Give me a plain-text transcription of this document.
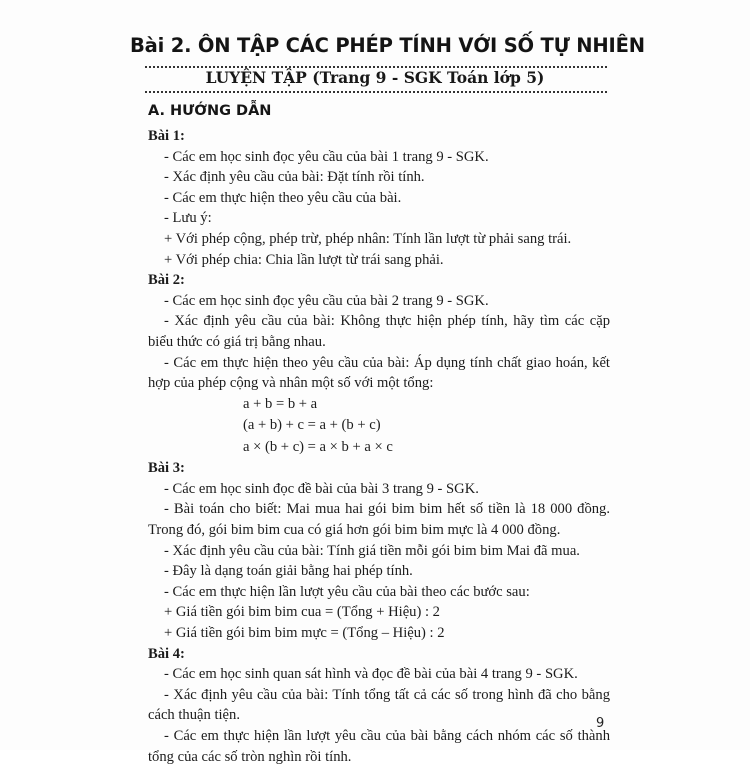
Bài 2. ÔN TẬP CÁC PHÉP TÍNH VỚI SỐ TỰ NHIÊN
LUYỆN TẬP (Trang 9 - SGK Toán lớp 5)
A. HƯỚNG DẪN
Bài 1:
- Các em học sinh đọc yêu cầu của bài 1 trang 9 - SGK.
- Xác định yêu cầu của bài: Đặt tính rồi tính.
- Các em thực hiện theo yêu cầu của bài.
- Lưu ý:
+ Với phép cộng, phép trừ, phép nhân: Tính lần lượt từ phải sang trái.
+ Với phép chia: Chia lần lượt từ trái sang phải.
Bài 2:
- Các em học sinh đọc yêu cầu của bài 2 trang 9 - SGK.
- Xác định yêu cầu của bài: Không thực hiện phép tính, hãy tìm các cặp biểu thức có giá trị bằng nhau.
- Các em thực hiện theo yêu cầu của bài: Áp dụng tính chất giao hoán, kết hợp của phép cộng và nhân một số với một tổng:
a + b = b + a
(a + b) + c = a + (b + c)
a × (b + c) = a × b + a × c
Bài 3:
- Các em học sinh đọc đề bài của bài 3 trang 9 - SGK.
- Bài toán cho biết: Mai mua hai gói bim bim hết số tiền là 18 000 đồng. Trong đó, gói bim bim cua có giá hơn gói bim bim mực là 4 000 đồng.
- Xác định yêu cầu của bài: Tính giá tiền mỗi gói bim bim Mai đã mua.
- Đây là dạng toán giải bằng hai phép tính.
- Các em thực hiện lần lượt yêu cầu của bài theo các bước sau:
+ Giá tiền gói bim bim cua = (Tổng + Hiệu) : 2
+ Giá tiền gói bim bim mực = (Tổng – Hiệu) : 2
Bài 4:
- Các em học sinh quan sát hình và đọc đề bài của bài 4 trang 9 - SGK.
- Xác định yêu cầu của bài: Tính tổng tất cả các số trong hình đã cho bằng cách thuận tiện.
- Các em thực hiện lần lượt yêu cầu của bài bằng cách nhóm các số thành tổng của các số tròn nghìn rồi tính.
9
